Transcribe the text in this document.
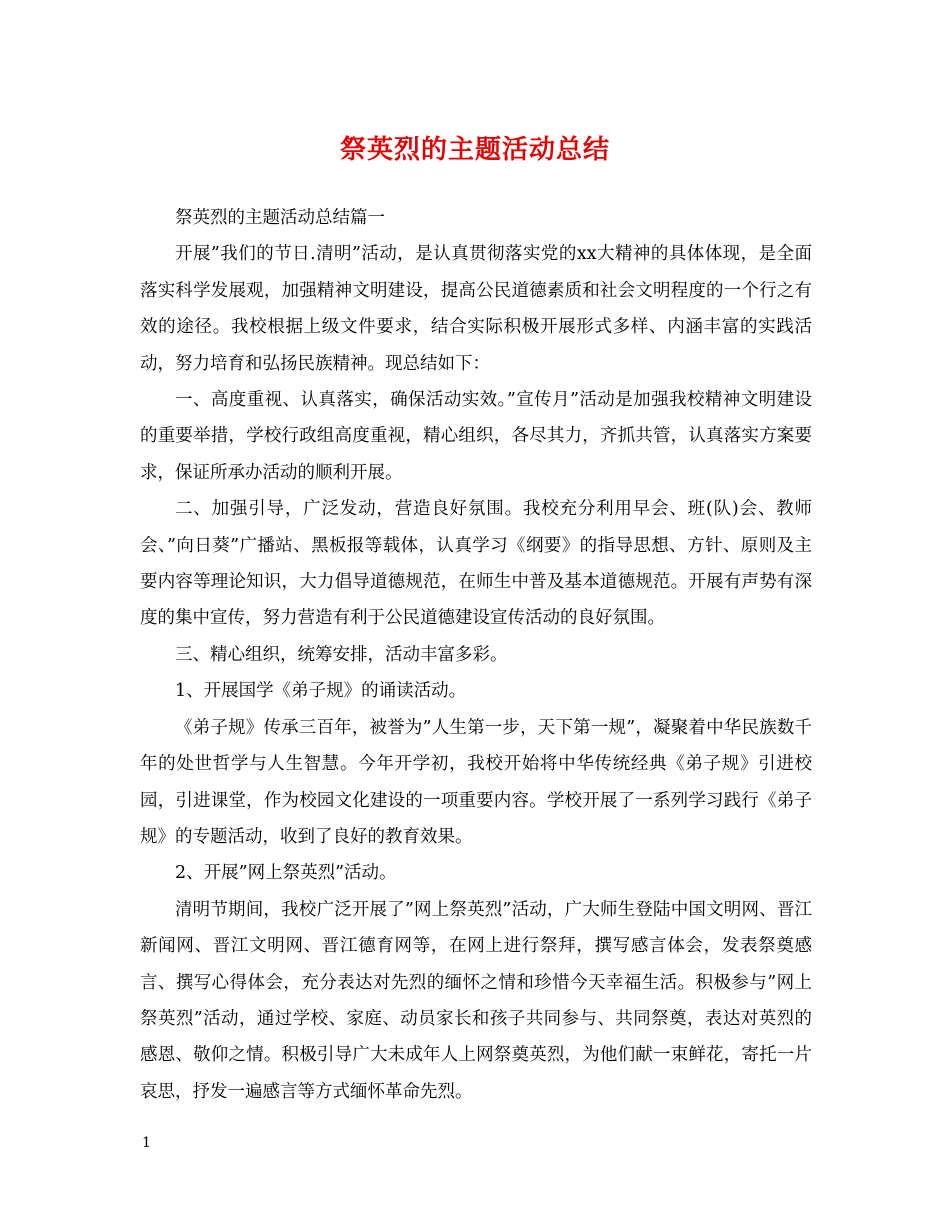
祭英烈的主题活动总结

祭英烈的主题活动总结篇一

开展”我们的节日.清明”活动，是认真贯彻落实党的xx大精神的具体体现，是全面落实科学发展观，加强精神文明建设，提高公民道德素质和社会文明程度的一个行之有效的途径。我校根据上级文件要求，结合实际积极开展形式多样、内涵丰富的实践活动，努力培育和弘扬民族精神。现总结如下：

一、高度重视、认真落实，确保活动实效。”宣传月”活动是加强我校精神文明建设的重要举措，学校行政组高度重视，精心组织，各尽其力，齐抓共管，认真落实方案要求，保证所承办活动的顺利开展。

二、加强引导，广泛发动，营造良好氛围。我校充分利用早会、班(队)会、教师会、”向日葵”广播站、黑板报等载体，认真学习《纲要》的指导思想、方针、原则及主要内容等理论知识，大力倡导道德规范，在师生中普及基本道德规范。开展有声势有深度的集中宣传，努力营造有利于公民道德建设宣传活动的良好氛围。

三、精心组织，统筹安排，活动丰富多彩。

1、开展国学《弟子规》的诵读活动。

《弟子规》传承三百年，被誉为”人生第一步，天下第一规”，凝聚着中华民族数千年的处世哲学与人生智慧。今年开学初，我校开始将中华传统经典《弟子规》引进校园，引进课堂，作为校园文化建设的一项重要内容。学校开展了一系列学习践行《弟子规》的专题活动，收到了良好的教育效果。

2、开展”网上祭英烈”活动。

清明节期间，我校广泛开展了”网上祭英烈”活动，广大师生登陆中国文明网、晋江新闻网、晋江文明网、晋江德育网等，在网上进行祭拜，撰写感言体会，发表祭奠感言、撰写心得体会，充分表达对先烈的缅怀之情和珍惜今天幸福生活。积极参与”网上祭英烈”活动，通过学校、家庭、动员家长和孩子共同参与、共同祭奠，表达对英烈的感恩、敬仰之情。积极引导广大未成年人上网祭奠英烈，为他们献一束鲜花，寄托一片哀思，抒发一遍感言等方式缅怀革命先烈。

1
